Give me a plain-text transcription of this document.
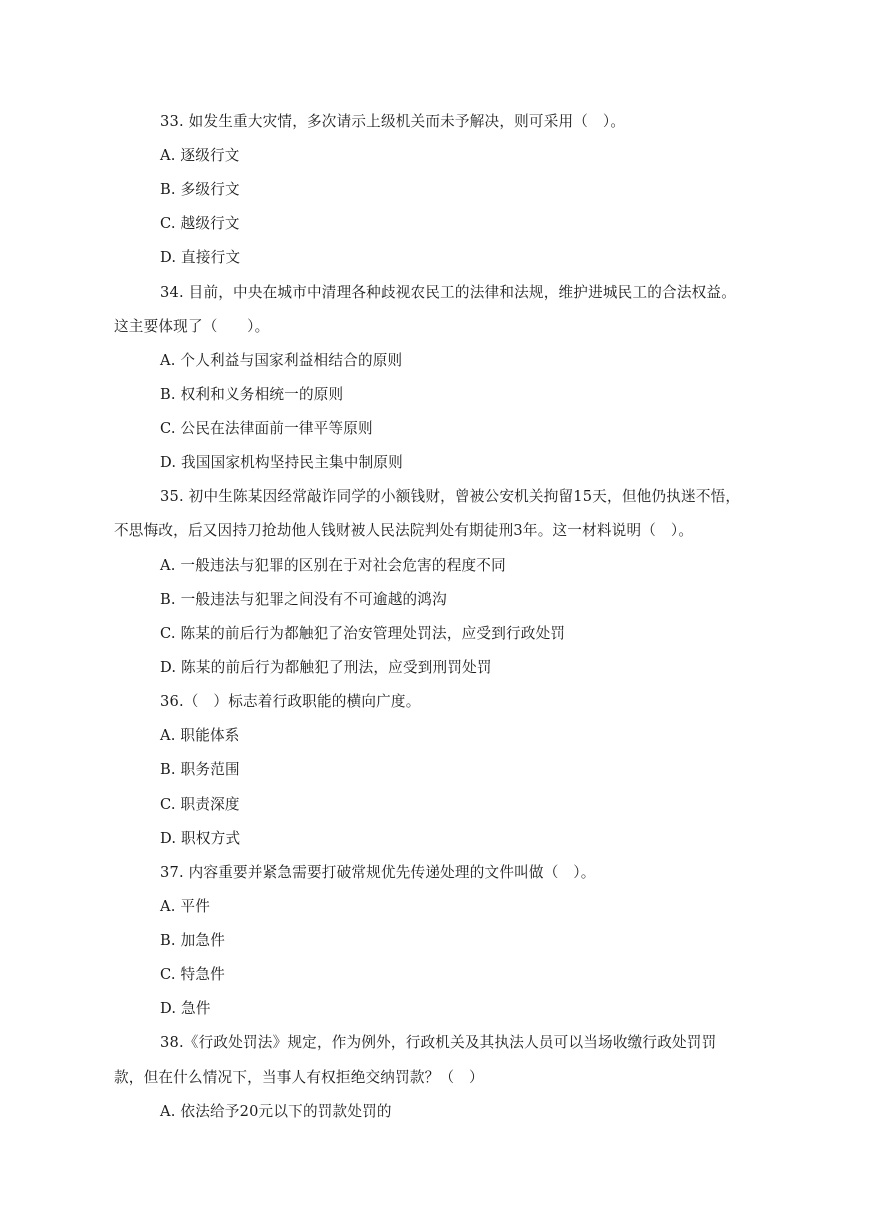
33. 如发生重大灾情，多次请示上级机关而未予解决，则可采用（　）。
A. 逐级行文
B. 多级行文
C. 越级行文
D. 直接行文
34. 目前，中央在城市中清理各种歧视农民工的法律和法规，维护进城民工的合法权益。
这主要体现了（　　）。
A. 个人利益与国家利益相结合的原则
B. 权利和义务相统一的原则
C. 公民在法律面前一律平等原则
D. 我国国家机构坚持民主集中制原则
35. 初中生陈某因经常敲诈同学的小额钱财，曾被公安机关拘留15天，但他仍执迷不悟，
不思悔改，后又因持刀抢劫他人钱财被人民法院判处有期徒刑3年。这一材料说明（　）。
A. 一般违法与犯罪的区别在于对社会危害的程度不同
B. 一般违法与犯罪之间没有不可逾越的鸿沟
C. 陈某的前后行为都触犯了治安管理处罚法，应受到行政处罚
D. 陈某的前后行为都触犯了刑法，应受到刑罚处罚
36.（　）标志着行政职能的横向广度。
A. 职能体系
B. 职务范围
C. 职责深度
D. 职权方式
37. 内容重要并紧急需要打破常规优先传递处理的文件叫做（　）。
A. 平件
B. 加急件
C. 特急件
D. 急件
38.《行政处罚法》规定，作为例外，行政机关及其执法人员可以当场收缴行政处罚罚
款，但在什么情况下，当事人有权拒绝交纳罚款？（　）
A. 依法给予20元以下的罚款处罚的
